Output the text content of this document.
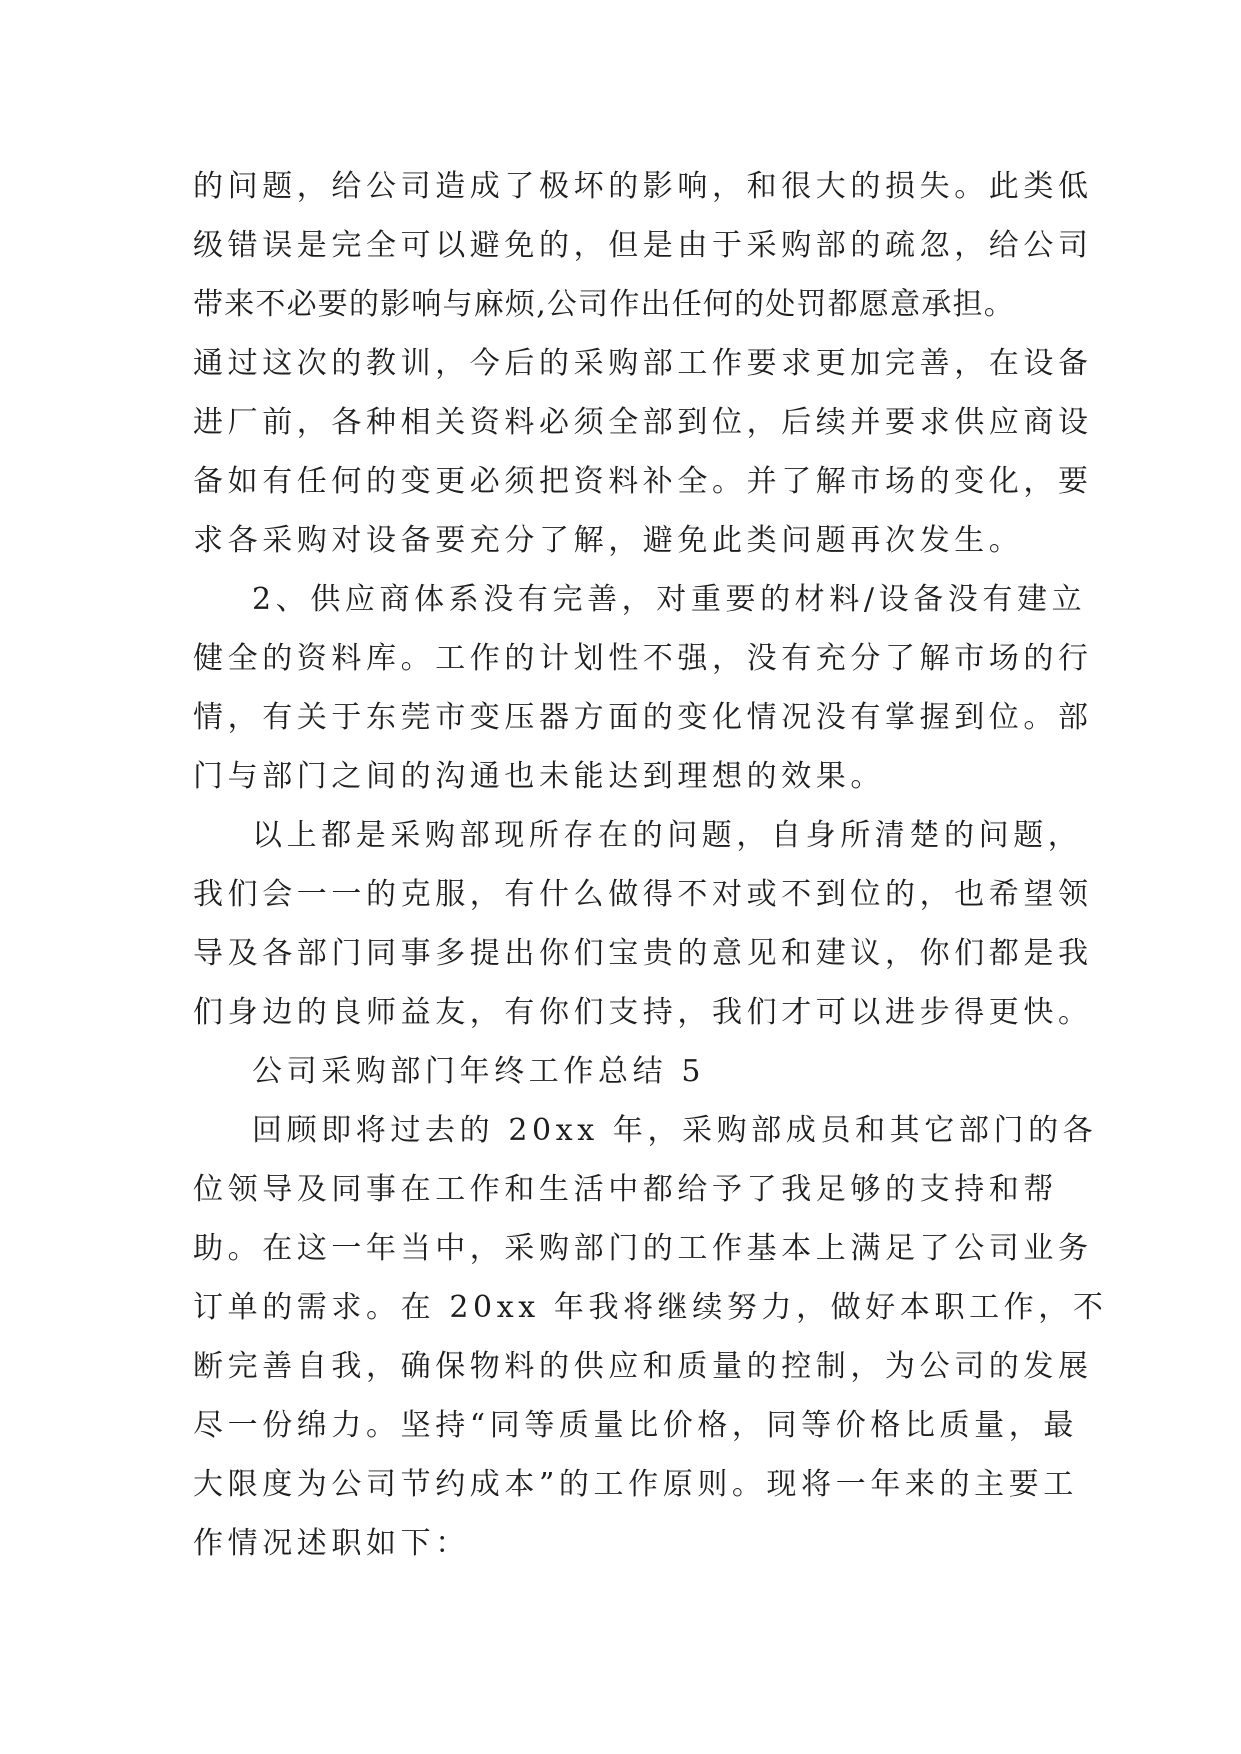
的问题，给公司造成了极坏的影响，和很大的损失。此类低
级错误是完全可以避免的，但是由于采购部的疏忽，给公司
带来不必要的影响与麻烦,公司作出任何的处罚都愿意承担。
通过这次的教训，今后的采购部工作要求更加完善，在设备
进厂前，各种相关资料必须全部到位，后续并要求供应商设
备如有任何的变更必须把资料补全。并了解市场的变化，要
求各采购对设备要充分了解，避免此类问题再次发生。
2、供应商体系没有完善，对重要的材料/设备没有建立
健全的资料库。工作的计划性不强，没有充分了解市场的行
情，有关于东莞市变压器方面的变化情况没有掌握到位。部
门与部门之间的沟通也未能达到理想的效果。
以上都是采购部现所存在的问题，自身所清楚的问题，
我们会一一的克服，有什么做得不对或不到位的，也希望领
导及各部门同事多提出你们宝贵的意见和建议，你们都是我
们身边的良师益友，有你们支持，我们才可以进步得更快。
公司采购部门年终工作总结 5
回顾即将过去的 20xx 年，采购部成员和其它部门的各
位领导及同事在工作和生活中都给予了我足够的支持和帮
助。在这一年当中，采购部门的工作基本上满足了公司业务
订单的需求。在 20xx 年我将继续努力，做好本职工作，不
断完善自我，确保物料的供应和质量的控制，为公司的发展
尽一份绵力。坚持“同等质量比价格，同等价格比质量，最
大限度为公司节约成本”的工作原则。现将一年来的主要工
作情况述职如下：
